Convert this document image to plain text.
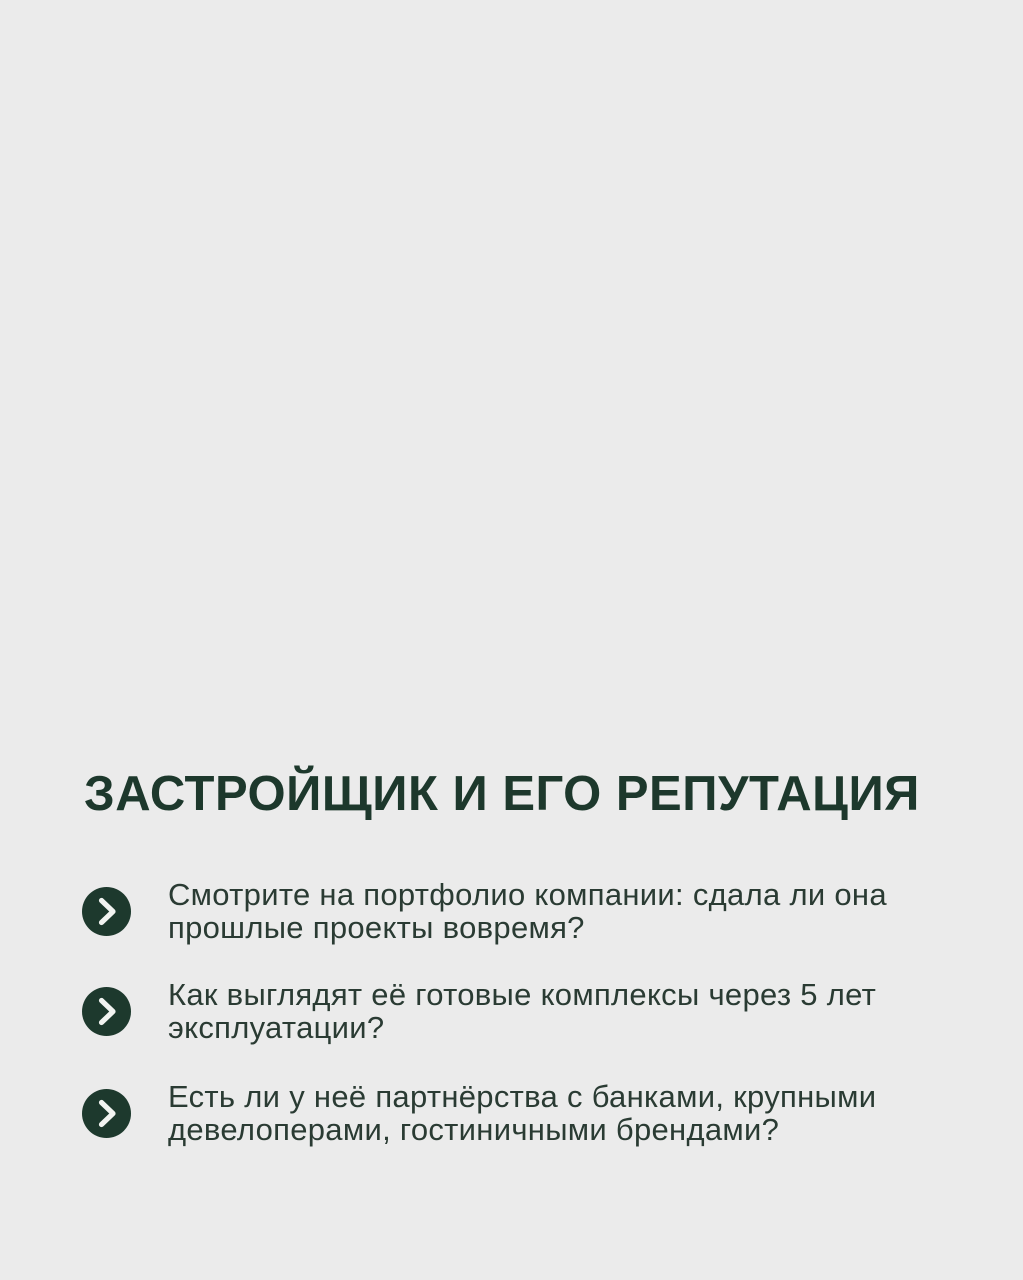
ЗАСТРОЙЩИК И ЕГО РЕПУТАЦИЯ
Смотрите на портфолио компании: сдала ли она
прошлые проекты вовремя?
Как выглядят её готовые комплексы через 5 лет
эксплуатации?
Есть ли у неё партнёрства с банками, крупными
девелоперами, гостиничными брендами?
